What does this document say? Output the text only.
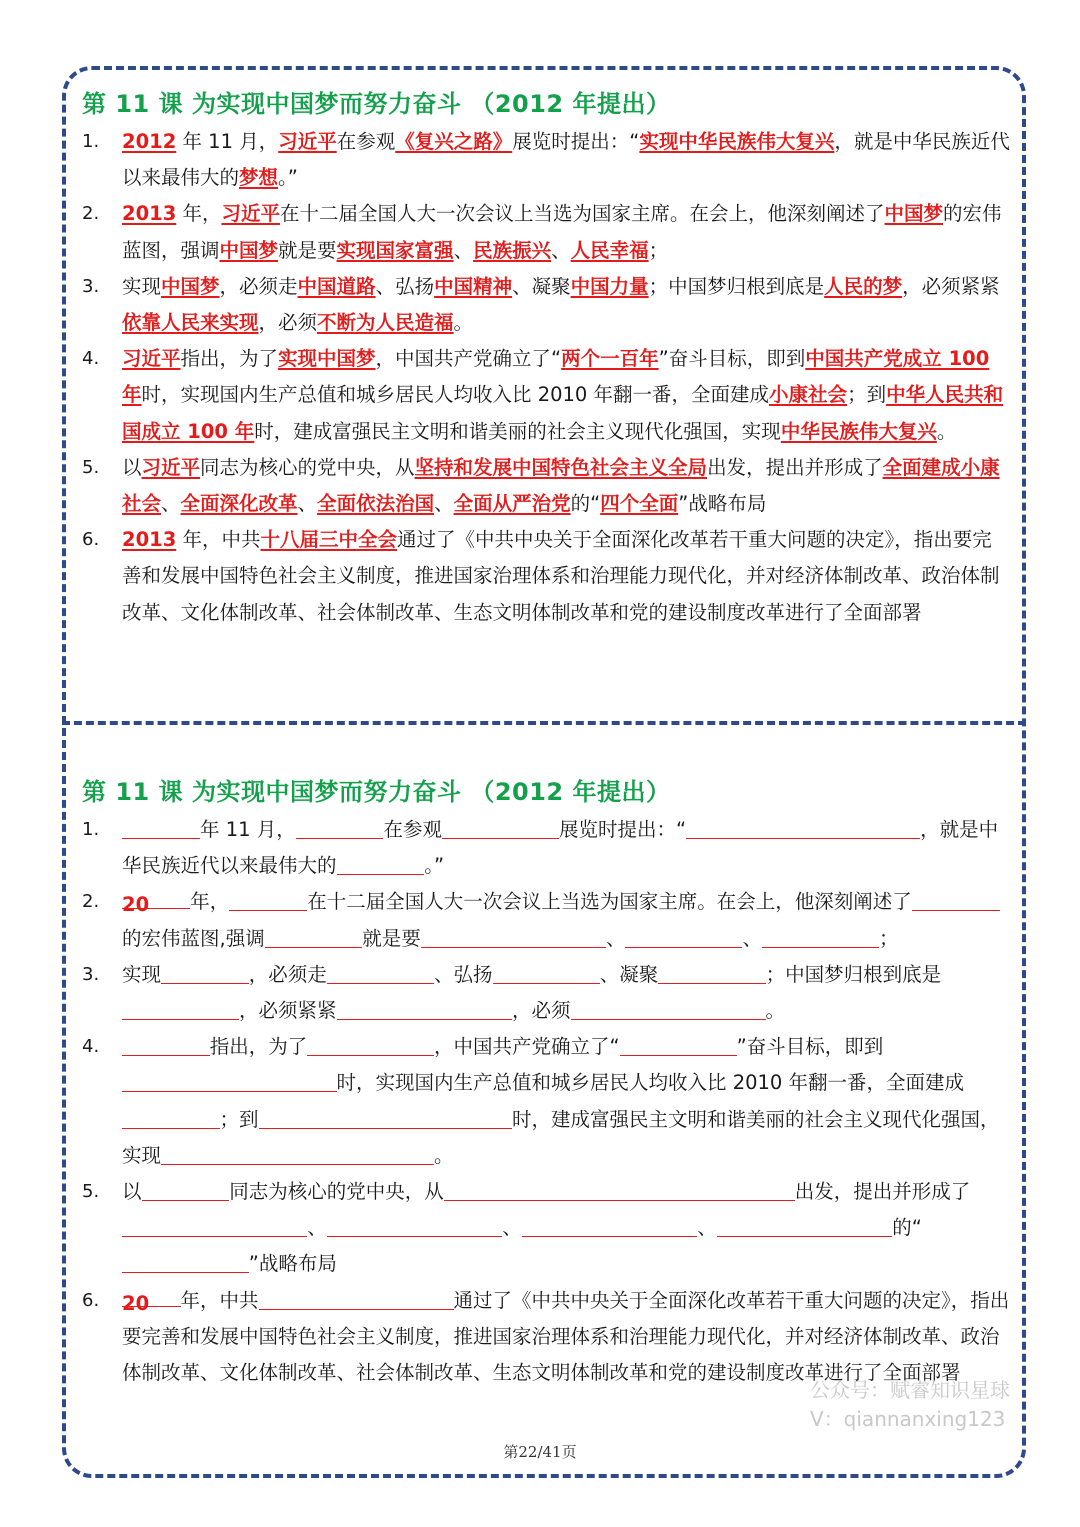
第 11 课 为实现中国梦而努力奋斗 （2012 年提出）
1. 2012 年 11 月，习近平在参观《复兴之路》展览时提出：“实现中华民族伟大复兴，就是中华民族近代以来最伟大的梦想。”
2. 2013 年，习近平在十二届全国人大一次会议上当选为国家主席。在会上，他深刻阐述了中国梦的宏伟蓝图，强调中国梦就是要实现国家富强、民族振兴、人民幸福；
3. 实现中国梦，必须走中国道路、弘扬中国精神、凝聚中国力量；中国梦归根到底是人民的梦，必须紧紧依靠人民来实现，必须不断为人民造福。
4. 习近平指出，为了实现中国梦，中国共产党确立了“两个一百年”奋斗目标，即到中国共产党成立 100 年时，实现国内生产总值和城乡居民人均收入比 2010 年翻一番，全面建成小康社会；到中华人民共和国成立 100 年时，建成富强民主文明和谐美丽的社会主义现代化强国，实现中华民族伟大复兴。
5. 以习近平同志为核心的党中央，从坚持和发展中国特色社会主义全局出发，提出并形成了全面建成小康社会、全面深化改革、全面依法治国、全面从严治党的“四个全面”战略布局
6. 2013 年，中共十八届三中全会通过了《中共中央关于全面深化改革若干重大问题的决定》，指出要完善和发展中国特色社会主义制度，推进国家治理体系和治理能力现代化，并对经济体制改革、政治体制改革、文化体制改革、社会体制改革、生态文明体制改革和党的建设制度改革进行了全面部署
第 11 课 为实现中国梦而努力奋斗 （2012 年提出）
1.	年 11 月，	在参观	展览时提出：“	，就是中华民族近代以来最伟大的	。”
2. 20 年，	在十二届全国人大一次会议上当选为国家主席。在会上，他深刻阐述了的宏伟蓝图,强调	就是要	、	、	；
3. 实现	，必须走	、弘扬	、凝聚	；中国梦归根到底是，必须紧紧	，必须	。
4.	指出，为了	，中国共产党确立了“	”奋斗目标，即到时，实现国内生产总值和城乡居民人均收入比 2010 年翻一番，全面建成；到	时，建成富强民主文明和谐美丽的社会主义现代化强国，实现	。
5. 以	同志为核心的党中央，从	出发，提出并形成了、	、	、	的“”战略布局
6. 20 年，中共	通过了《中共中央关于全面深化改革若干重大问题的决定》，指出要完善和发展中国特色社会主义制度，推进国家治理体系和治理能力现代化，并对经济体制改革、政治体制改革、文化体制改革、社会体制改革、生态文明体制改革和党的建设制度改革进行了全面部署
公众号：赋睿知识星球
V：qiannanxing123
第22/41页
